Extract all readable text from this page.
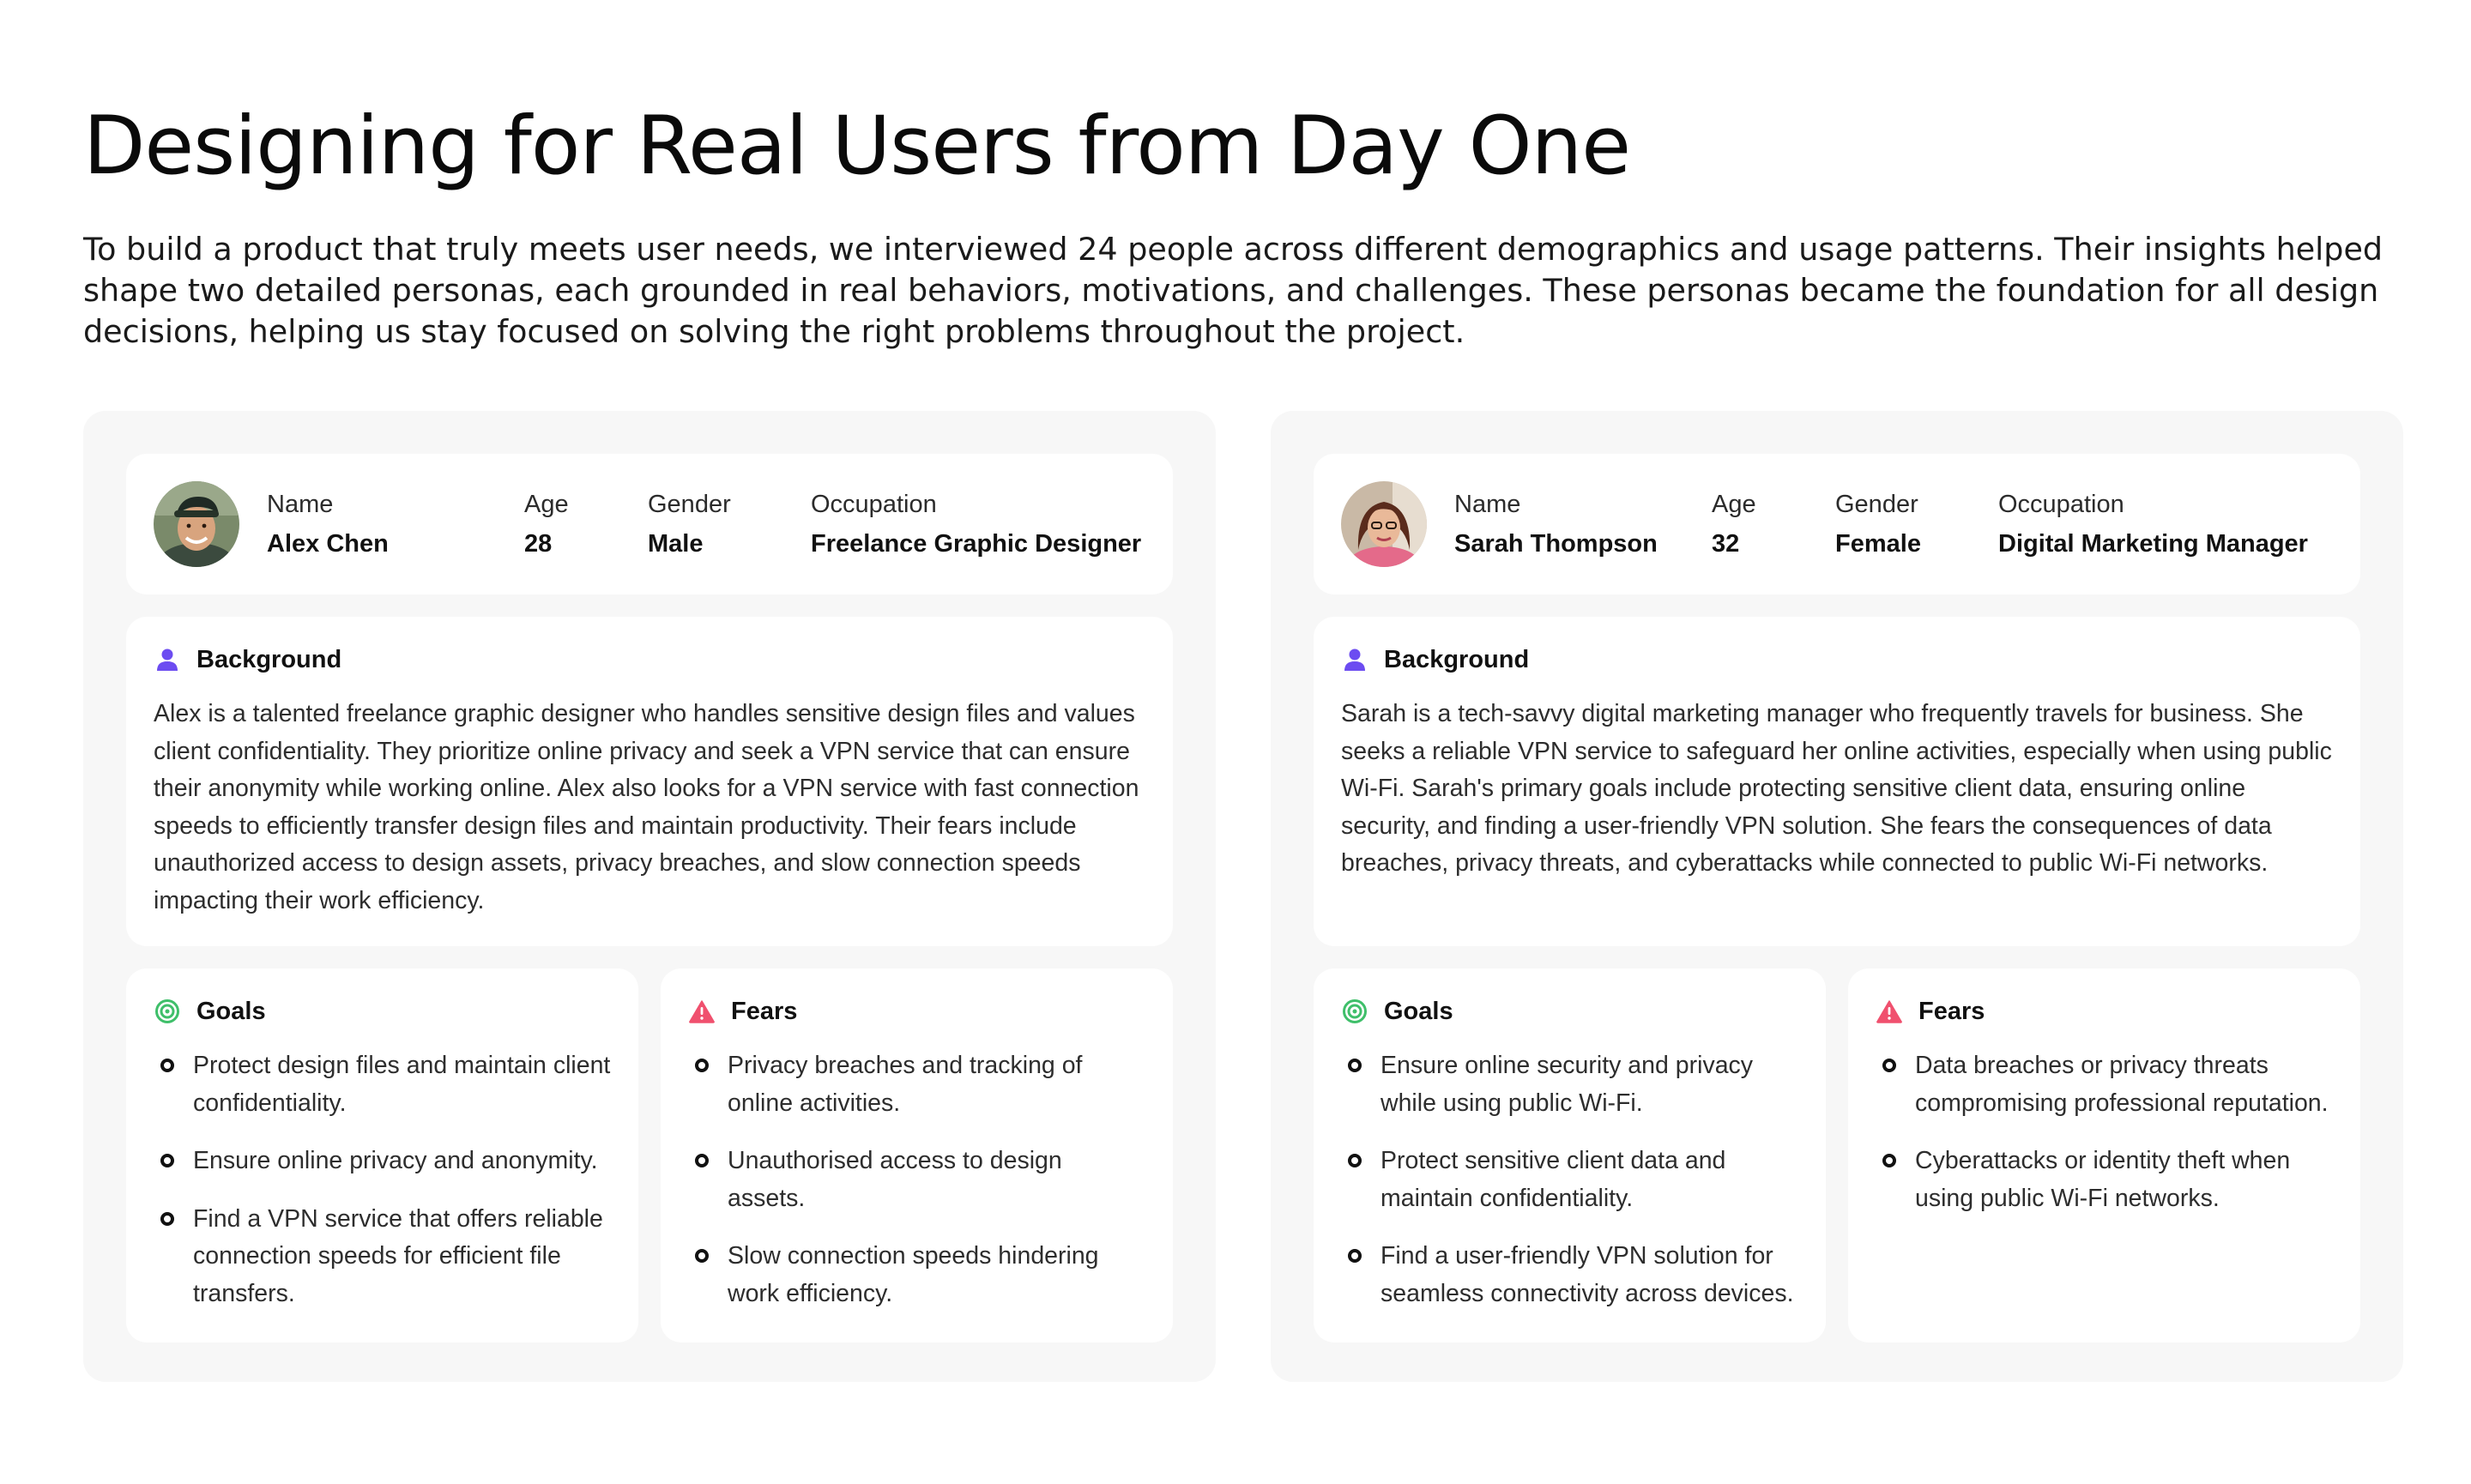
Designing for Real Users from Day One

To build a product that truly meets user needs, we interviewed 24 people across different demographics and usage patterns. Their insights helped shape two detailed personas, each grounded in real behaviors, motivations, and challenges. These personas became the foundation for all design decisions, helping us stay focused on solving the right problems throughout the project.

Name
Alex Chen
Age
28
Gender
Male
Occupation
Freelance Graphic Designer
Background

Alex is a talented freelance graphic designer who handles sensitive design files and values client confidentiality. They prioritize online privacy and seek a VPN service that can ensure their anonymity while working online. Alex also looks for a VPN service with fast connection speeds to efficiently transfer design files and maintain productivity. Their fears include unauthorized access to design assets, privacy breaches, and slow connection speeds impacting their work efficiency.

Goals
Protect design files and maintain client confidentiality.
Ensure online privacy and anonymity.
Find a VPN service that offers reliable connection speeds for efficient file transfers.
Fears
Privacy breaches and tracking of online activities.
Unauthorised access to design assets.
Slow connection speeds hindering work efficiency.
Name
Sarah Thompson
Age
32
Gender
Female
Occupation
Digital Marketing Manager
Background

Sarah is a tech-savvy digital marketing manager who frequently travels for business. She seeks a reliable VPN service to safeguard her online activities, especially when using public Wi-Fi. Sarah's primary goals include protecting sensitive client data, ensuring online security, and finding a user-friendly VPN solution. She fears the consequences of data breaches, privacy threats, and cyberattacks while connected to public Wi-Fi networks.

Goals
Ensure online security and privacy while using public Wi-Fi.
Protect sensitive client data and maintain confidentiality.
Find a user-friendly VPN solution for seamless connectivity across devices.
Fears
Data breaches or privacy threats compromising professional reputation.
Cyberattacks or identity theft when using public Wi-Fi networks.
